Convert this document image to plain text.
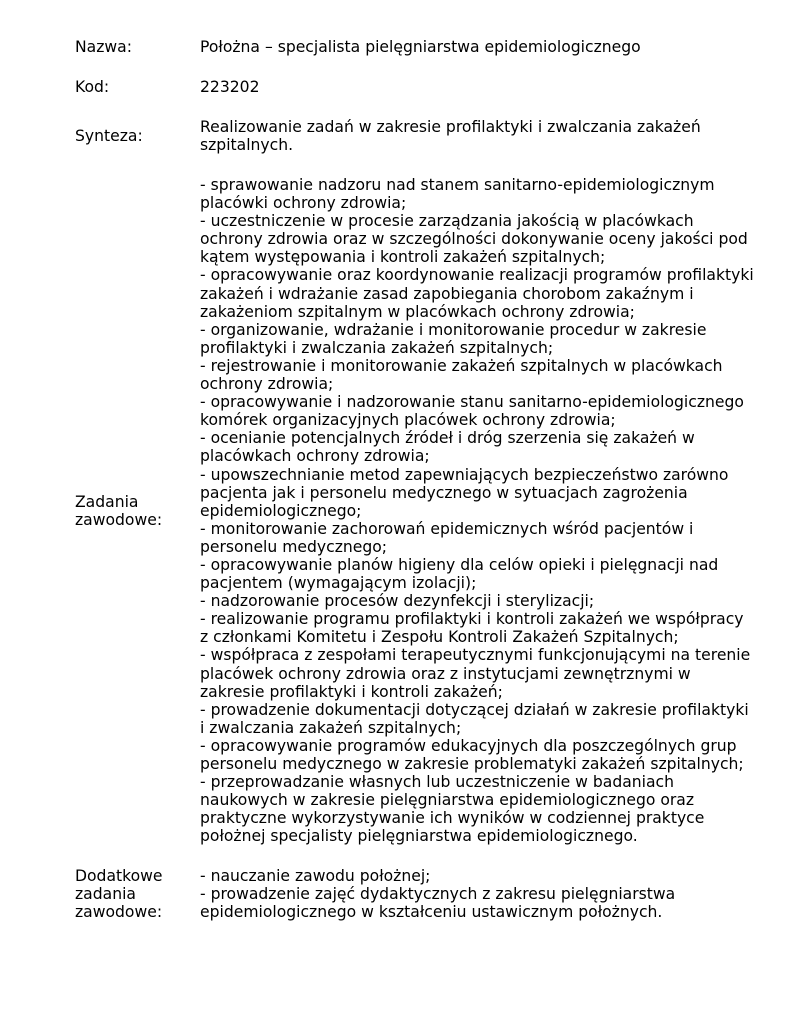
Nazwa:	Położna – specjalista pielęgniarstwa epidemiologicznego
Kod:	223202
Synteza:	Realizowanie zadań w zakresie profilaktyki i zwalczania zakażeń
szpitalnych.
Zadania
zawodowe:
- sprawowanie nadzoru nad stanem sanitarno-epidemiologicznym
placówki ochrony zdrowia;
- uczestniczenie w procesie zarządzania jakością w placówkach
ochrony zdrowia oraz w szczególności dokonywanie oceny jakości pod
kątem występowania i kontroli zakażeń szpitalnych;
- opracowywanie oraz koordynowanie realizacji programów profilaktyki
zakażeń i wdrażanie zasad zapobiegania chorobom zakaźnym i
zakażeniom szpitalnym w placówkach ochrony zdrowia;
- organizowanie, wdrażanie i monitorowanie procedur w zakresie
profilaktyki i zwalczania zakażeń szpitalnych;
- rejestrowanie i monitorowanie zakażeń szpitalnych w placówkach
ochrony zdrowia;
- opracowywanie i nadzorowanie stanu sanitarno-epidemiologicznego
komórek organizacyjnych placówek ochrony zdrowia;
- ocenianie potencjalnych źródeł i dróg szerzenia się zakażeń w
placówkach ochrony zdrowia;
- upowszechnianie metod zapewniających bezpieczeństwo zarówno
pacjenta jak i personelu medycznego w sytuacjach zagrożenia
epidemiologicznego;
- monitorowanie zachorowań epidemicznych wśród pacjentów i
personelu medycznego;
- opracowywanie planów higieny dla celów opieki i pielęgnacji nad
pacjentem (wymagającym izolacji);
- nadzorowanie procesów dezynfekcji i sterylizacji;
- realizowanie programu profilaktyki i kontroli zakażeń we współpracy
z członkami Komitetu i Zespołu Kontroli Zakażeń Szpitalnych;
- współpraca z zespołami terapeutycznymi funkcjonującymi na terenie
placówek ochrony zdrowia oraz z instytucjami zewnętrznymi w
zakresie profilaktyki i kontroli zakażeń;
- prowadzenie dokumentacji dotyczącej działań w zakresie profilaktyki
i zwalczania zakażeń szpitalnych;
- opracowywanie programów edukacyjnych dla poszczególnych grup
personelu medycznego w zakresie problematyki zakażeń szpitalnych;
- przeprowadzanie własnych lub uczestniczenie w badaniach
naukowych w zakresie pielęgniarstwa epidemiologicznego oraz
praktyczne wykorzystywanie ich wyników w codziennej praktyce
położnej specjalisty pielęgniarstwa epidemiologicznego.
Dodatkowe
zadania
zawodowe:
- nauczanie zawodu położnej;
- prowadzenie zajęć dydaktycznych z zakresu pielęgniarstwa
epidemiologicznego w kształceniu ustawicznym położnych.
